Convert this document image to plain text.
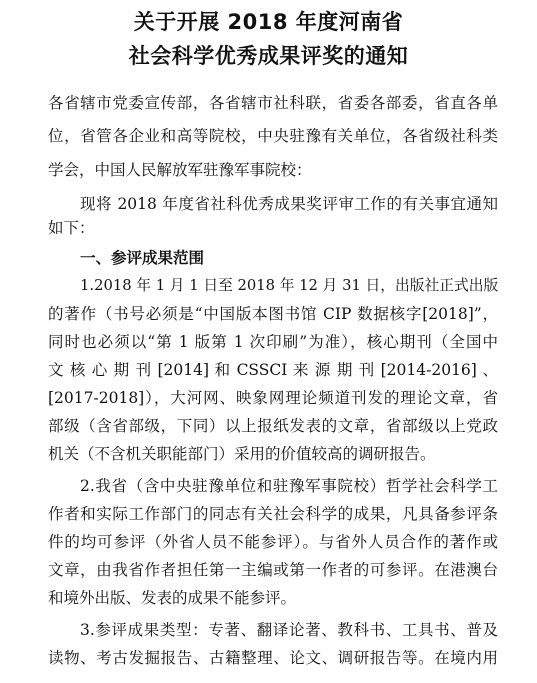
关于开展 2018 年度河南省
社会科学优秀成果评奖的通知

各省辖市党委宣传部，各省辖市社科联，省委各部委，省直各单

位，省管各企业和高等院校，中央驻豫有关单位，各省级社科类

学会，中国人民解放军驻豫军事院校：

现将 2018 年度省社科优秀成果奖评审工作的有关事宜通知

如下：

一、参评成果范围

1.2018 年 1 月 1 日至 2018 年 12 月 31 日，出版社正式出版

的著作（书号必须是“中国版本图书馆 CIP 数据核字[2018]”，

同时也必须以“第 1 版第 1 次印刷”为准），核心期刊（全国中

文 核 心 期 刊 [2014] 和 CSSCI 来 源 期 刊 [2014-2016] 、

[2017-2018]），大河网、映象网理论频道刊发的理论文章，省

部级（含省部级，下同）以上报纸发表的文章，省部级以上党政

机关（不含机关职能部门）采用的价值较高的调研报告。

2.我省（含中央驻豫单位和驻豫军事院校）哲学社会科学工

作者和实际工作部门的同志有关社会科学的成果，凡具备参评条

件的均可参评（外省人员不能参评）。与省外人员合作的著作或

文章，由我省作者担任第一主编或第一作者的可参评。在港澳台

和境外出版、发表的成果不能参评。

3.参评成果类型：专著、翻译论著、教科书、工具书、普及

读物、考古发掘报告、古籍整理、论文、调研报告等。在境内用
